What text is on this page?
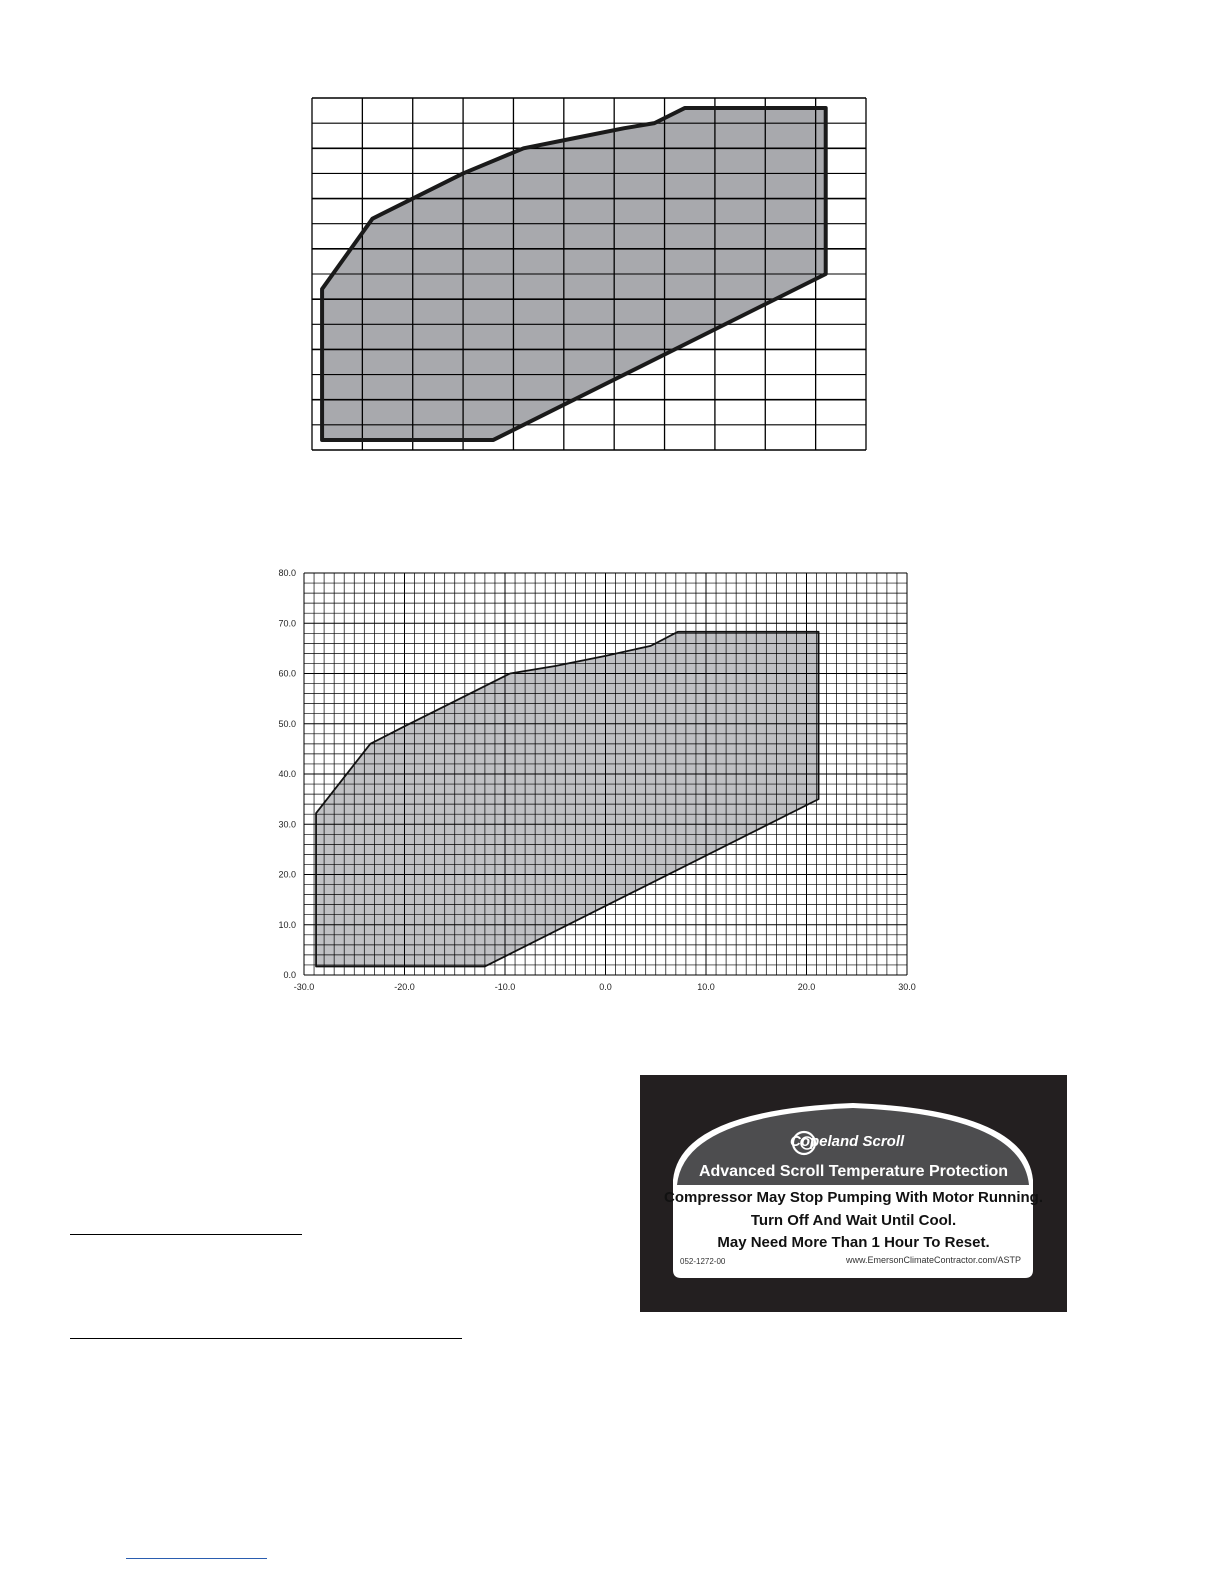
-30.0	-20.0	-10.0	0.0	10.0	20.0	30.0
0.0
10.0
20.0
30.0
40.0
50.0
60.0
70.0
80.0
Copeland Scroll
Advanced Scroll Temperature Protection
Compressor May Stop Pumping With Motor Running.
Turn Off And Wait Until Cool.
May Need More Than 1 Hour To Reset.
052-1272-00	www.EmersonClimateContractor.com/ASTP
